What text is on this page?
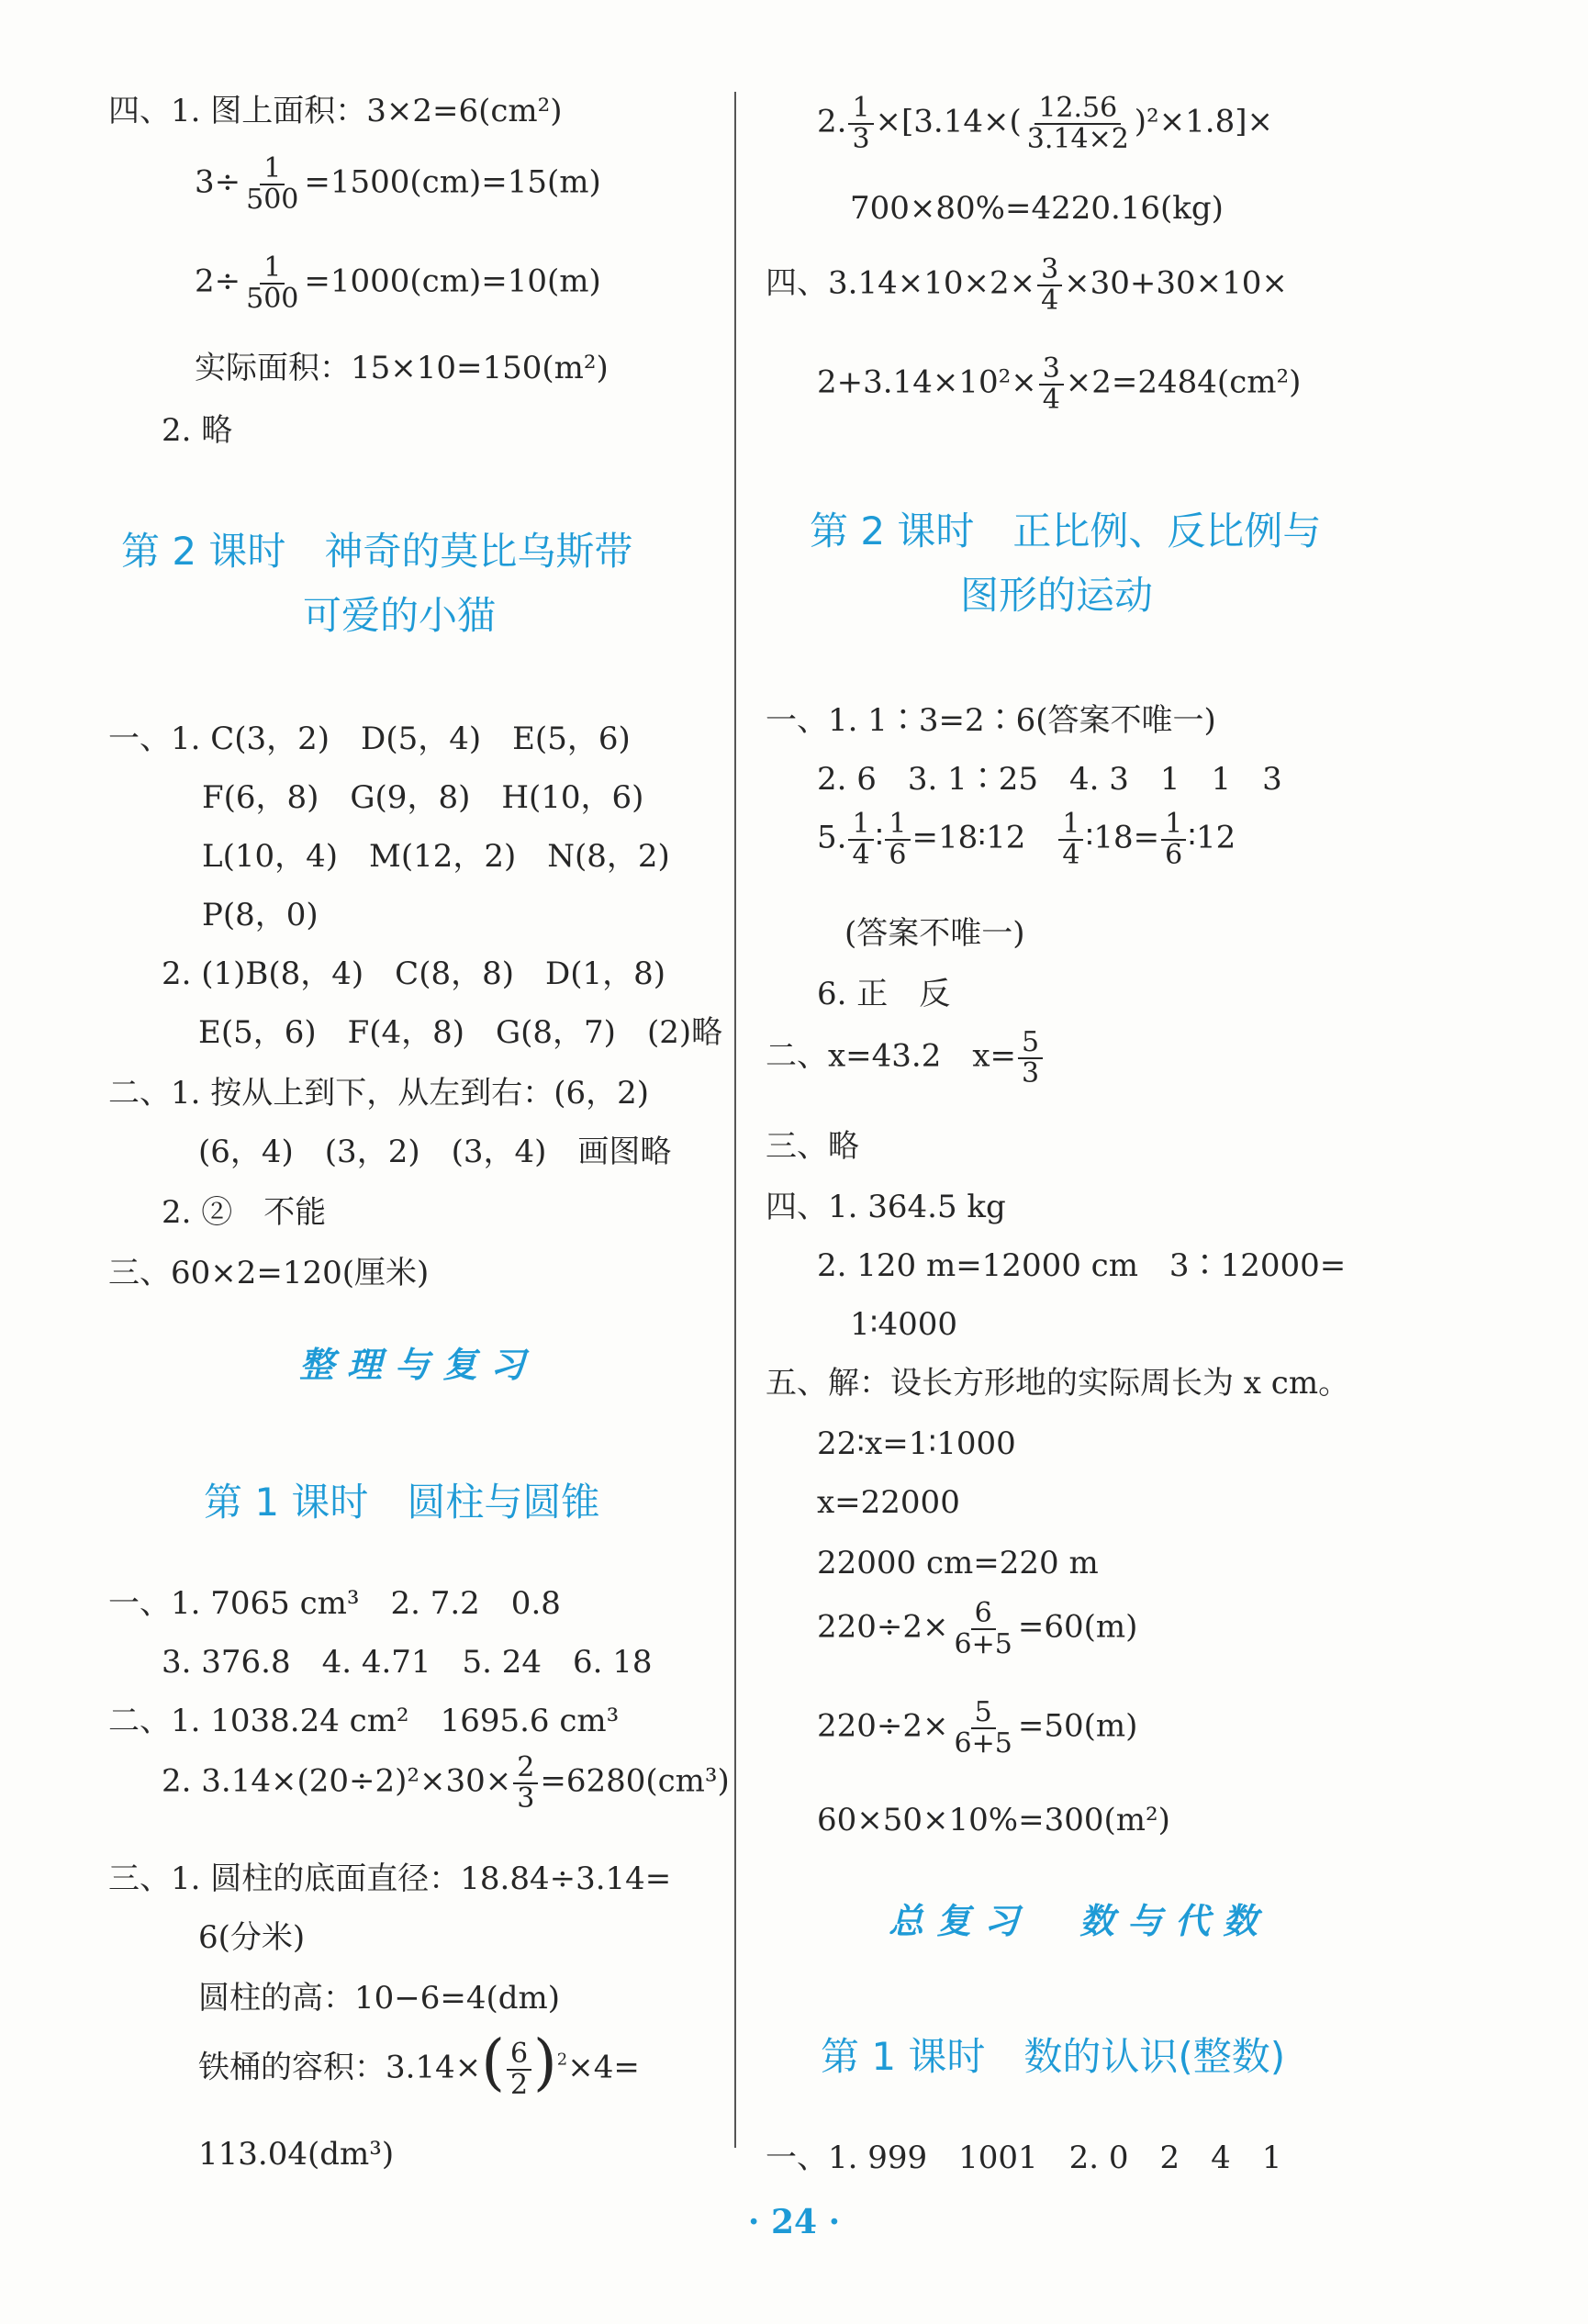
四、1. 图上面积：3×2=6(cm²)
$3\div \frac{1}{500} =1500(cm)=15(m)$
$2\div \frac{1}{500} =1000(cm)=10(m)$
实际面积：15×10=150(m²)
2. 略
第 2 课时　神奇的莫比乌斯带
可爱的小猫
一、1. C(3，2)　D(5，4)　E(5，6)
F(6，8)　G(9，8)　H(10，6)
L(10，4)　M(12，2)　N(8，2)
P(8，0)
2. (1)B(8，4)　C(8，8)　D(1，8)
E(5，6)　F(4，8)　G(8，7)　(2)略
二、1. 按从上到下，从左到右：(6，2)
(6，4)　(3，2)　(3，4)　画图略
2. ②　不能
三、60×2=120(厘米)
整理与复习
第 1 课时　圆柱与圆锥
一、1. 7065 cm³　2. 7.2　0.8
3. 376.8　4. 4.71　5. 24　6. 18
二、1. 1038.24 cm²　1695.6 cm³
2. $3.14\times(20\div 2)^2\times 30\times \frac{2}{3} =6280(cm^3)$
三、1. 圆柱的底面直径：18.84÷3.14=
6(分米)
圆柱的高：10−6=4(dm)
铁桶的容积：$3.14\times( \frac{6}{2} )^2\times 4=$
113.04(dm³)
2. $\frac{1}{3} \times[3.14\times( \frac{12.56}{3.14\times 2} )^2\times 1.8]\times$
700×80%=4220.16(kg)
四、$3.14\times 10\times 2\times \frac{3}{4} \times 30+30\times 10\times$
$2+3.14\times 10^2\times \frac{3}{4} \times 2=2484(cm^2)$
第 2 课时　正比例、反比例与
图形的运动
一、1. 1∶3=2∶6(答案不唯一)
2. 6　3. 1∶25　4. 3　1　1　3
5. $\frac{1}{4}$ ∶ $\frac{1}{6}$ =18∶12　 $\frac{1}{4}$ ∶18= $\frac{1}{6}$ ∶12
(答案不唯一)
6. 正　反
二、x=43.2　$x= \frac{5}{3}$
三、略
四、1. 364.5 kg
2. 120 m=12000 cm　3∶12000=
1∶4000
五、解：设长方形地的实际周长为 x cm。
22∶x=1∶1000
x=22000
22000 cm=220 m
$220\div 2\times \frac{6}{6+5} =60(m)$
$220\div 2\times \frac{5}{6+5} =50(m)$
60×50×10%=300(m²)
总复习　数与代数
第 1 课时　数的认识(整数)
一、1. 999　1001　2. 0　2　4　1
· 24 ·
